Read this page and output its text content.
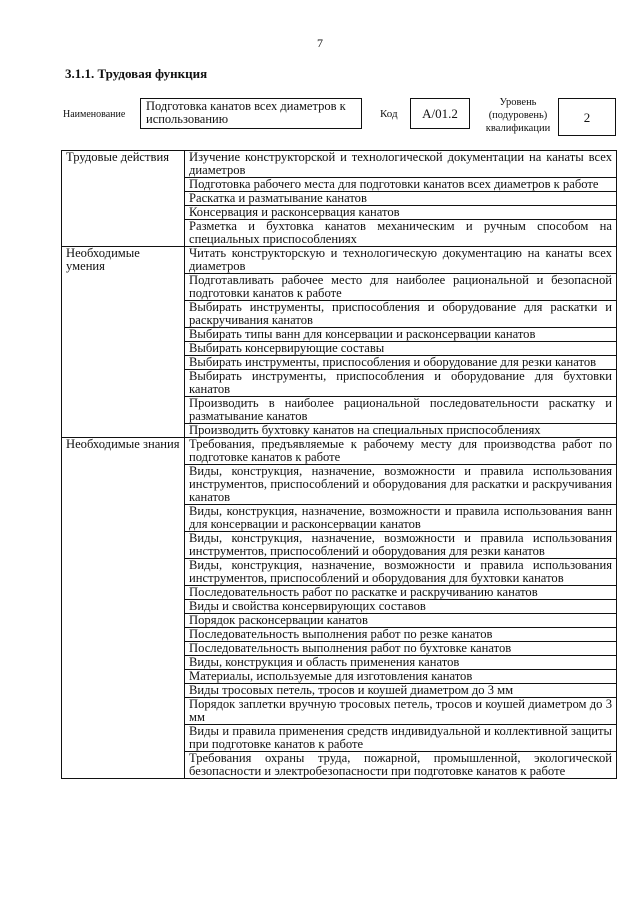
7
3.1.1. Трудовая функция
Наименование
Подготовка канатов всех диаметров к использованию	Код	А/01.2
Уровень (подуровень) квалификации
2
Трудовые действия	Изучение конструкторской и технологической документации на канаты всех диаметров
	Подготовка рабочего места для подготовки канатов всех диаметров к работе
	Раскатка и разматывание канатов
	Консервация и расконсервация канатов
	Разметка и бухтовка канатов механическим и ручным способом на специальных приспособлениях
Необходимые умения	Читать конструкторскую и технологическую документацию на канаты всех диаметров
	Подготавливать рабочее место для наиболее рациональной и безопасной подготовки канатов к работе
	Выбирать инструменты, приспособления и оборудование для раскатки и раскручивания канатов
	Выбирать типы ванн для консервации и расконсервации канатов
	Выбирать консервирующие составы
	Выбирать инструменты, приспособления и оборудование для резки канатов
	Выбирать инструменты, приспособления и оборудование для бухтовки канатов
	Производить в наиболее рациональной последовательности раскатку и разматывание канатов
	Производить бухтовку канатов на специальных приспособлениях
Необходимые знания	Требования, предъявляемые к рабочему месту для производства работ по подготовке канатов к работе
	Виды, конструкция, назначение, возможности и правила использования инструментов, приспособлений и оборудования для раскатки и раскручивания канатов
	Виды, конструкция, назначение, возможности и правила использования ванн для консервации и расконсервации канатов
	Виды, конструкция, назначение, возможности и правила использования инструментов, приспособлений и оборудования для резки канатов
	Виды, конструкция, назначение, возможности и правила использования инструментов, приспособлений и оборудования для бухтовки канатов
	Последовательность работ по раскатке и раскручиванию канатов
	Виды и свойства консервирующих составов
	Порядок расконсервации канатов
	Последовательность выполнения работ по резке канатов
	Последовательность выполнения работ по бухтовке канатов
	Виды, конструкция и область применения канатов
	Материалы, используемые для изготовления канатов
	Виды тросовых петель, тросов и коушей диаметром до 3 мм
	Порядок заплетки вручную тросовых петель, тросов и коушей диаметром до 3 мм
	Виды и правила применения средств индивидуальной и коллективной защиты при подготовке канатов к работе
	Требования охраны труда, пожарной, промышленной, экологической безопасности и электробезопасности при подготовке канатов к работе
